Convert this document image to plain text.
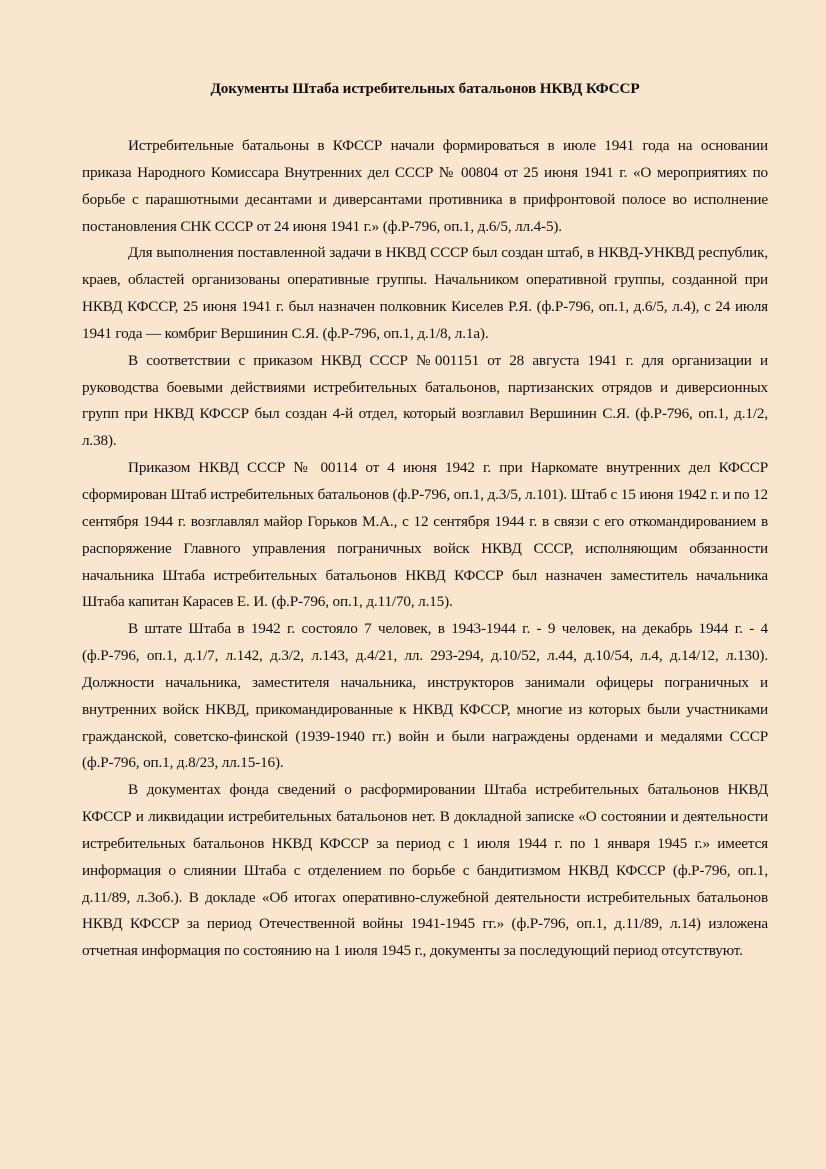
Документы Штаба истребительных батальонов НКВД КФССР

Истребительные батальоны в КФССР начали формироваться в июле 1941 года на основании приказа Народного Комиссара Внутренних дел СССР № 00804 от 25 июня 1941 г. «О мероприятиях по борьбе с парашютными десантами и диверсантами противника в прифронтовой полосе во исполнение постановления СНК СССР от 24 июня 1941 г.» (ф.Р-796, оп.1, д.6/5, лл.4-5).

Для выполнения поставленной задачи в НКВД СССР был создан штаб, в НКВД-УНКВД республик, краев, областей организованы оперативные группы. Начальником оперативной группы, созданной при НКВД КФССР, 25 июня 1941 г. был назначен полковник Киселев Р.Я. (ф.Р-796, оп.1, д.6/5, л.4), с 24 июля 1941 года — комбриг Вершинин С.Я. (ф.Р-796, оп.1, д.1/8, л.1а).

В соответствии с приказом НКВД СССР №001151 от 28 августа 1941 г. для организации и руководства боевыми действиями истребительных батальонов, партизанских отрядов и диверсионных групп при НКВД КФССР был создан 4-й отдел, который возглавил Вершинин С.Я. (ф.Р-796, оп.1, д.1/2, л.38).

Приказом НКВД СССР № 00114 от 4 июня 1942 г. при Наркомате внутренних дел КФССР сформирован Штаб истребительных батальонов (ф.Р-796, оп.1, д.3/5, л.101). Штаб с 15 июня 1942 г. и по 12 сентября 1944 г. возглавлял майор Горьков М.А., с 12 сентября 1944 г. в связи с его откомандированием в распоряжение Главного управления пограничных войск НКВД СССР, исполняющим обязанности начальника Штаба истребительных батальонов НКВД КФССР был назначен заместитель начальника Штаба капитан Карасев Е. И. (ф.Р-796, оп.1, д.11/70, л.15).

В штате Штаба в 1942 г. состояло 7 человек, в 1943-1944 г. - 9 человек, на декабрь 1944 г. - 4 (ф.Р-796, оп.1, д.1/7, л.142, д.3/2, л.143, д.4/21, лл. 293-294, д.10/52, л.44, д.10/54, л.4, д.14/12, л.130). Должности начальника, заместителя начальника, инструкторов занимали офицеры пограничных и внутренних войск НКВД, прикомандированные к НКВД КФССР, многие из которых были участниками гражданской, советско-финской (1939-1940 гг.) войн и были награждены орденами и медалями СССР (ф.Р-796, оп.1, д.8/23, лл.15-16).

В документах фонда сведений о расформировании Штаба истребительных батальонов НКВД КФССР и ликвидации истребительных батальонов нет. В докладной записке «О состоянии и деятельности истребительных батальонов НКВД КФССР за период с 1 июля 1944 г. по 1 января 1945 г.» имеется информация о слиянии Штаба с отделением по борьбе с бандитизмом НКВД КФССР (ф.Р-796, оп.1, д.11/89, л.3об.). В докладе «Об итогах оперативно-служебной деятельности истребительных батальонов НКВД КФССР за период Отечественной войны 1941-1945 гг.» (ф.Р-796, оп.1, д.11/89, л.14) изложена отчетная информация по состоянию на 1 июля 1945 г., документы за последующий период отсутствуют.
